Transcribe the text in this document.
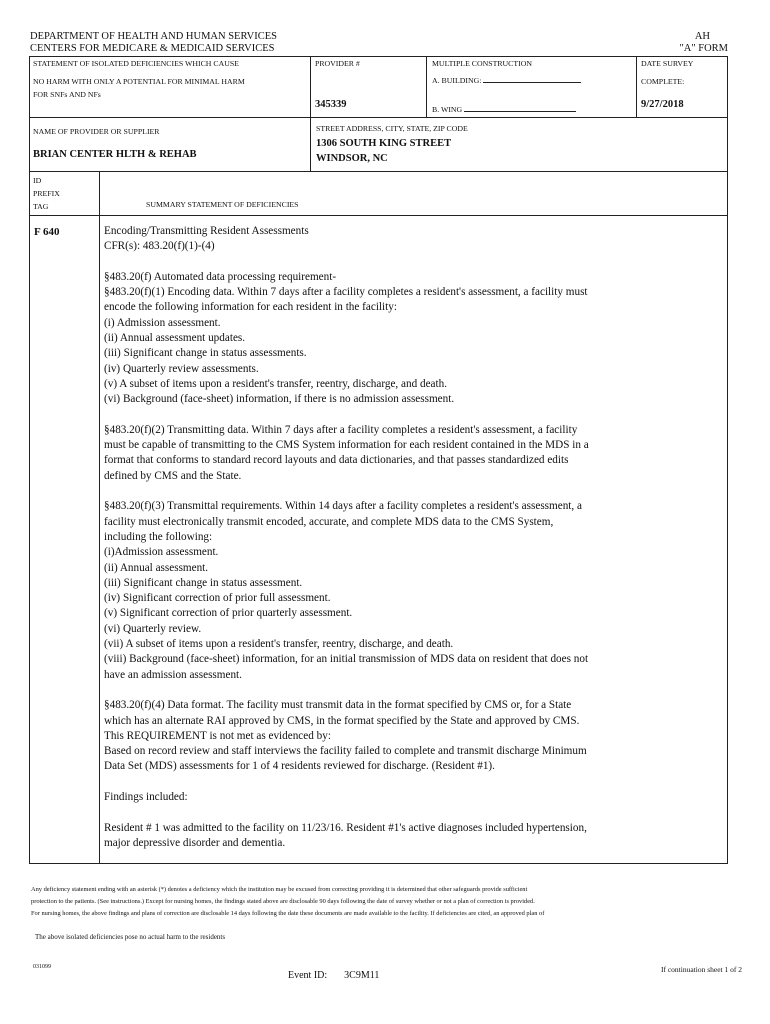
DEPARTMENT OF HEALTH AND HUMAN SERVICES
CENTERS FOR MEDICARE & MEDICAID SERVICES
AH
"A" FORM
STATEMENT OF ISOLATED DEFICIENCIES WHICH CAUSE
NO HARM WITH ONLY A POTENTIAL FOR MINIMAL HARM
FOR SNFs AND NFs
PROVIDER #
345339
MULTIPLE CONSTRUCTION
A. BUILDING:
B. WING
DATE SURVEY
COMPLETE:
9/27/2018
NAME OF PROVIDER OR SUPPLIER
BRIAN CENTER HLTH & REHAB
STREET ADDRESS, CITY, STATE, ZIP CODE
1306 SOUTH KING STREET
WINDSOR, NC
ID
PREFIX
TAG	SUMMARY STATEMENT OF DEFICIENCIES
F 640	Encoding/Transmitting Resident Assessments

CFR(s): 483.20(f)(1)-(4)

§483.20(f) Automated data processing requirement-

§483.20(f)(1) Encoding data. Within 7 days after a facility completes a resident's assessment, a facility must

encode the following information for each resident in the facility:

(i) Admission assessment.

(ii) Annual assessment updates.

(iii) Significant change in status assessments.

(iv) Quarterly review assessments.

(v) A subset of items upon a resident's transfer, reentry, discharge, and death.

(vi) Background (face-sheet) information, if there is no admission assessment.

§483.20(f)(2) Transmitting data. Within 7 days after a facility completes a resident's assessment, a facility

must be capable of transmitting to the CMS System information for each resident contained in the MDS in a

format that conforms to standard record layouts and data dictionaries, and that passes standardized edits

defined by CMS and the State.

§483.20(f)(3) Transmittal requirements. Within 14 days after a facility completes a resident's assessment, a

facility must electronically transmit encoded, accurate, and complete MDS data to the CMS System,

including the following:

(i)Admission assessment.

(ii) Annual assessment.

(iii) Significant change in status assessment.

(iv) Significant correction of prior full assessment.

(v) Significant correction of prior quarterly assessment.

(vi) Quarterly review.

(vii) A subset of items upon a resident's transfer, reentry, discharge, and death.

(viii) Background (face-sheet) information, for an initial transmission of MDS data on resident that does not

have an admission assessment.

§483.20(f)(4) Data format. The facility must transmit data in the format specified by CMS or, for a State

which has an alternate RAI approved by CMS, in the format specified by the State and approved by CMS.

This REQUIREMENT is not met as evidenced by:

Based on record review and staff interviews the facility failed to complete and transmit discharge Minimum

Data Set (MDS) assessments for 1 of 4 residents reviewed for discharge. (Resident #1).

Findings included:

Resident # 1 was admitted to the facility on 11/23/16. Resident #1's active diagnoses included hypertension,

major depressive disorder and dementia.

Any deficiency statement ending with an asterisk (*) denotes a deficiency which the institution may be excused from correcting providing it is determined that other safeguards provide sufficient
protection to the patients. (See instructions.) Except for nursing homes, the findings stated above are disclosable 90 days following the date of survey whether or not a plan of correction is provided.
For nursing homes, the above findings and plans of correction are disclosable 14 days following the date these documents are made available to the facility. If deficiencies are cited, an approved plan of
The above isolated deficiencies pose no actual harm to the residents
031099
Event ID: 3C9M11
If continuation sheet 1 of 2
